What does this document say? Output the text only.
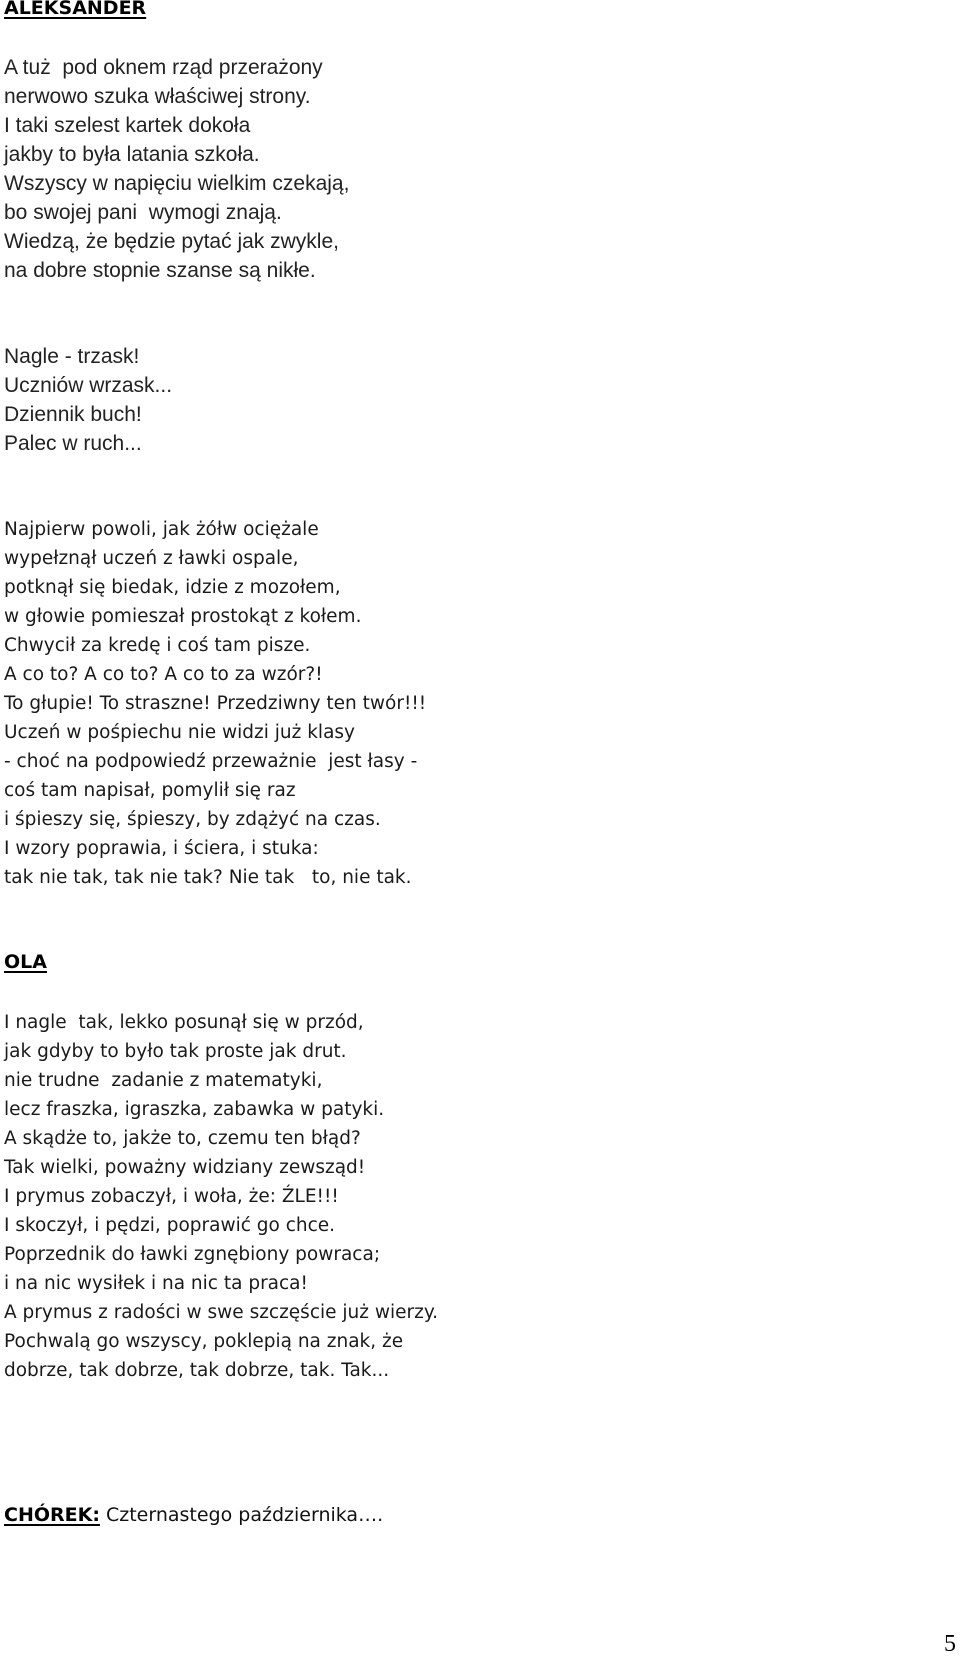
ALEKSANDER
A tuż  pod oknem rząd przerażony
nerwowo szuka właściwej strony.
I taki szelest kartek dokoła
jakby to była latania szkoła.
Wszyscy w napięciu wielkim czekają,
bo swojej pani  wymogi znają.
Wiedzą, że będzie pytać jak zwykle,
na dobre stopnie szanse są nikłe.
Nagle - trzask!
Uczniów wrzask...
Dziennik buch!
Palec w ruch...
Najpierw powoli, jak żółw ociężale
wypełznął uczeń z ławki ospale,
potknął się biedak, idzie z mozołem,
w głowie pomieszał prostokąt z kołem.
Chwycił za kredę i coś tam pisze.
A co to? A co to? A co to za wzór?!
To głupie! To straszne! Przedziwny ten twór!!!
Uczeń w pośpiechu nie widzi już klasy
- choć na podpowiedź przeważnie  jest łasy -
coś tam napisał, pomylił się raz
i śpieszy się, śpieszy, by zdążyć na czas.
I wzory poprawia, i ściera, i stuka:
tak nie tak, tak nie tak? Nie tak   to, nie tak.
OLA
I nagle  tak, lekko posunął się w przód,
jak gdyby to było tak proste jak drut.
nie trudne  zadanie z matematyki,
lecz fraszka, igraszka, zabawka w patyki.
A skądże to, jakże to, czemu ten błąd?
Tak wielki, poważny widziany zewsząd!
I prymus zobaczył, i woła, że: ŹLE!!!
I skoczył, i pędzi, poprawić go chce.
Poprzednik do ławki zgnębiony powraca;
i na nic wysiłek i na nic ta praca!
A prymus z radości w swe szczęście już wierzy.
Pochwalą go wszyscy, poklepią na znak, że
dobrze, tak dobrze, tak dobrze, tak. Tak...
CHÓREK: Czternastego października….
5
